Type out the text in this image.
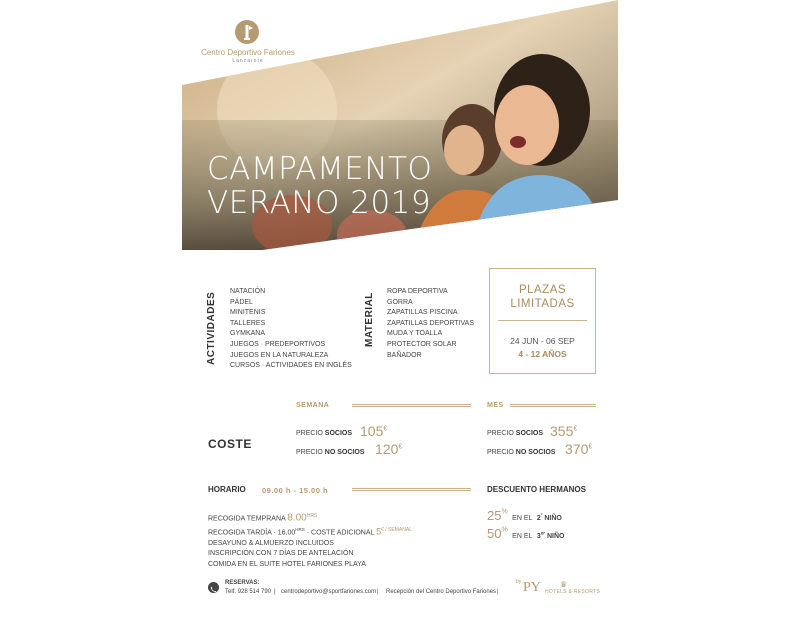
Centro Deportivo Fariones
Lanzarote
CAMPAMENTO
VERANO 2019
ACTIVIDADES
NATACIÓN
PÁDEL
MINITENIS
TALLERES
GYMKANA
JUEGOS · PREDEPORTIVOS
JUEGOS EN LA NATURALEZA
CURSOS · ACTIVIDADES EN INGLÉS
MATERIAL
ROPA DEPORTIVA
GORRA
ZAPATILLAS PISCINA
ZAPATILLAS DEPORTIVAS
MUDA Y TOALLA
PROTECTOR SOLAR
BAÑADOR
PLAZAS
LIMITADAS
24 JUN - 06 SEP
4 - 12 AÑOS
SEMANA	MES
COSTE
PRECIO SOCIOS 105€
PRECIO NO SOCIOS 120€
PRECIO SOCIOS 355€
PRECIO NO SOCIOS 370€
HORARIO 09.00 h - 15.00 h	DESCUENTO HERMANOS
RECOGIDA TEMPRANA $8.00^{HRS}$
RECOGIDA TARDÍA · $16.00^{HRS}$ · COSTE ADICIONAL $5^{€ / SEMANAL}$
DESAYUNO & ALMUERZO INCLUIDOS
INSCRIPCIÓN CON 7 DÍAS DE ANTELACIÓN
COMIDA EN EL SUITE HOTEL FARIONES PLAYA
25% EN EL $2^º$ NIÑO
50% EN EL 3er NIÑO
RESERVAS:
Telf. 928 514 790 | centrodeportivo@sportfariones.com | Recepción del Centro Deportivo Fariones |
by PY ♛
HOTELS & RESORTS
